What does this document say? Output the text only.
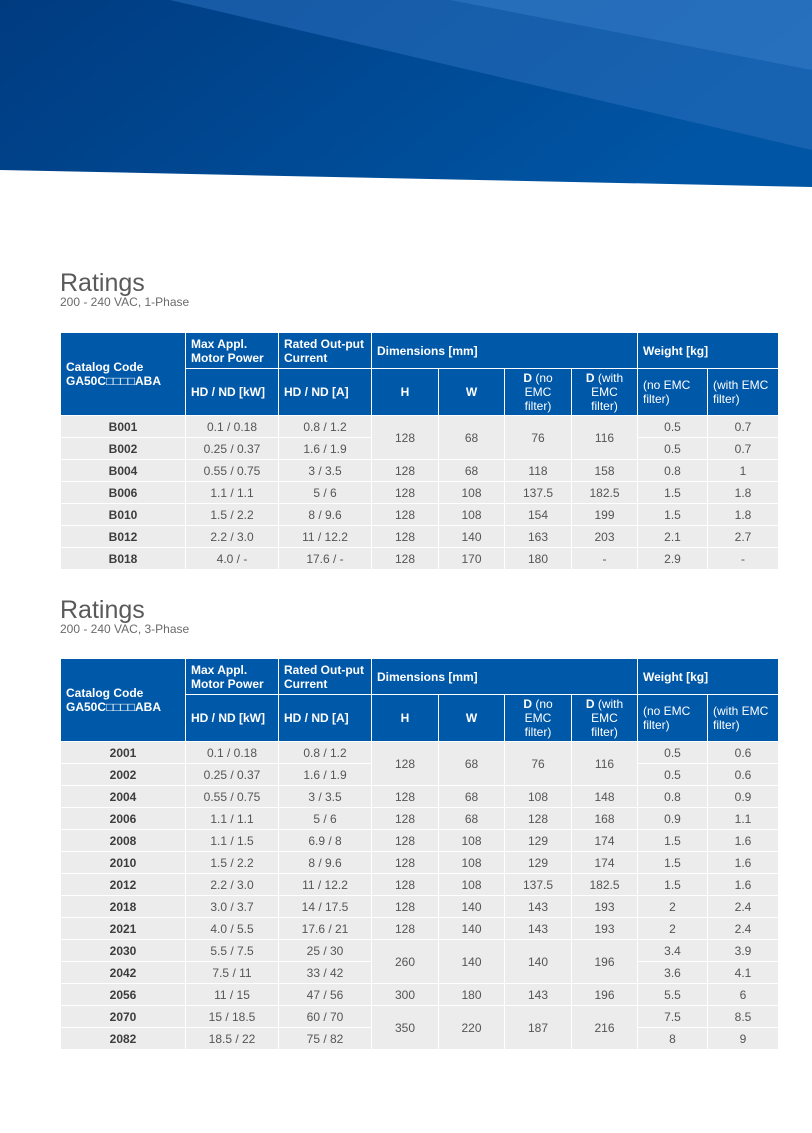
Ratings

200 - 240 VAC, 1-Phase

Catalog Code
GA50C□□□□ABA	Max Appl. Motor Power	Rated Out-put Current	Dimensions [mm]				Weight [kg]	
	HD / ND [kW]	HD / ND [A]	H	W	D (no EMC filter)	D (with EMC filter)	(no EMC filter)	(with EMC filter)
B001	0.1 / 0.18	0.8 / 1.2	128	68	76	116	0.5	0.7
B002	0.25 / 0.37	1.6 / 1.9					0.5	0.7
B004	0.55 / 0.75	3 / 3.5	128	68	118	158	0.8	1
B006	1.1 / 1.1	5 / 6	128	108	137.5	182.5	1.5	1.8
B010	1.5 / 2.2	8 / 9.6	128	108	154	199	1.5	1.8
B012	2.2 / 3.0	11 / 12.2	128	140	163	203	2.1	2.7
B018	4.0 / -	17.6 / -	128	170	180	-	2.9	-
Ratings

200 - 240 VAC, 3-Phase

Catalog Code
GA50C□□□□ABA	Max Appl. Motor Power	Rated Out-put Current	Dimensions [mm]				Weight [kg]	
	HD / ND [kW]	HD / ND [A]	H	W	D (no EMC filter)	D (with EMC filter)	(no EMC filter)	(with EMC filter)
2001	0.1 / 0.18	0.8 / 1.2	128	68	76	116	0.5	0.6
2002	0.25 / 0.37	1.6 / 1.9					0.5	0.6
2004	0.55 / 0.75	3 / 3.5	128	68	108	148	0.8	0.9
2006	1.1 / 1.1	5 / 6	128	68	128	168	0.9	1.1
2008	1.1 / 1.5	6.9 / 8	128	108	129	174	1.5	1.6
2010	1.5 / 2.2	8 / 9.6	128	108	129	174	1.5	1.6
2012	2.2 / 3.0	11 / 12.2	128	108	137.5	182.5	1.5	1.6
2018	3.0 / 3.7	14 / 17.5	128	140	143	193	2	2.4
2021	4.0 / 5.5	17.6 / 21	128	140	143	193	2	2.4
2030	5.5 / 7.5	25 / 30	260	140	140	196	3.4	3.9
2042	7.5 / 11	33 / 42					3.6	4.1
2056	11 / 15	47 / 56	300	180	143	196	5.5	6
2070	15 / 18.5	60 / 70	350	220	187	216	7.5	8.5
2082	18.5 / 22	75 / 82					8	9
